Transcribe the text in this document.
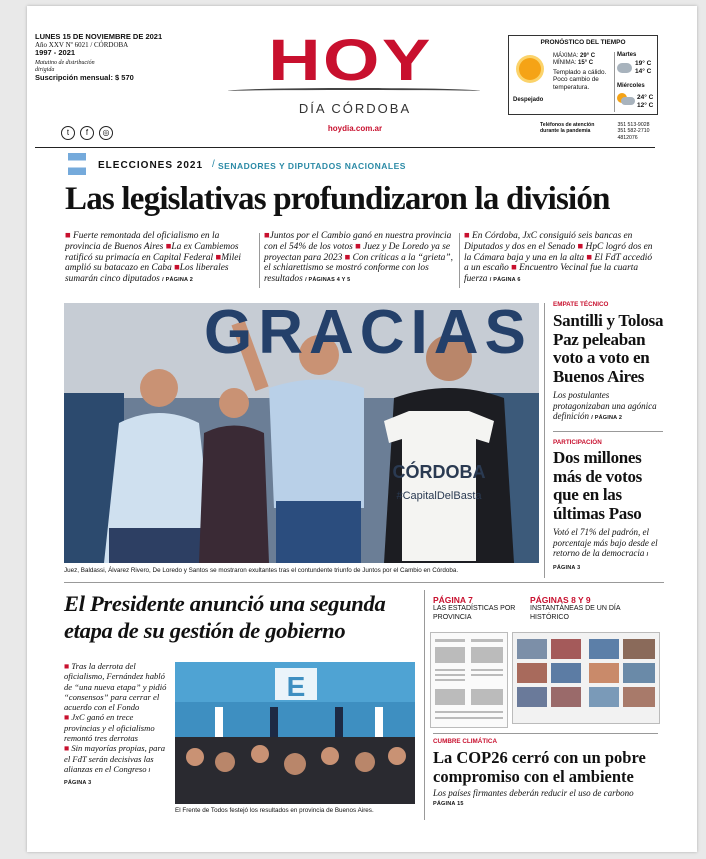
LUNES 15 DE NOVIEMBRE DE 2021
Año XXV Nº 6021 / CÓRDOBA
1997 - 2021
Matutino de distribución dirigida
Suscripción mensual: $ 570
t	f	◎
HOY
DÍA CÓRDOBA
hoydia.com.ar
PRONÓSTICO DEL TIEMPO
Despejado
MÁXIMA: 29° C
MÍNIMA: 15° C
Templado a cálido. Poco cambio de temperatura.
Martes
19° C
14° C
Miércoles
24° C
12° C
Teléfonos de atención durante la pandemia 351 513-9028
351 582-2710
4812076
ELECCIONES 2021 / SENADORES Y DIPUTADOS NACIONALES
Las legislativas profundizaron la división
■ Fuerte remontada del oficialismo en la provincia de Buenos Aires ■La ex Cambiemos ratificó su primacía en Capital Federal ■Milei amplió su batacazo en Caba ■Los liberales sumarán cinco diputados / PÁGINA 2
■Juntos por el Cambio ganó en nuestra provincia con el 54% de los votos ■ Juez y De Loredo ya se proyectan para 2023 ■ Con críticas a la “grieta”, el schiarettismo se mostró conforme con los resultados / PÁGINAS 4 Y 5
■ En Córdoba, JxC consiguió seis bancas en Diputados y dos en el Senado ■ HpC logró dos en la Cámara baja y una en la alta ■ El FdT accedió a un escaño ■ Encuentro Vecinal fue la cuarta fuerza / PÁGINA 6
CÓRDOBA
#CapitalDelBasta
GRACIAS
Juez, Baldassi, Álvarez Rivero, De Loredo y Santos se mostraron exultantes tras el contundente triunfo de Juntos por el Cambio en Córdoba.
EMPATE TÉCNICO
Santilli y Tolosa Paz peleaban voto a voto en Buenos Aires
Los postulantes protagonizaban una agónica definición / PÁGINA 2
PARTICIPACIÓN
Dos millones más de votos que en las últimas Paso
Votó el 71% del padrón, el porcentaje más bajo desde el retorno de la democracia / PÁGINA 3
El Presidente anunció una segunda etapa de su gestión de gobierno
■ Tras la derrota del oficialismo, Fernández habló de “una nueva etapa” y pidió “consensos” para cerrar el acuerdo con el Fondo
■ JxC ganó en trece provincias y el oficialismo remontó tres derrotas
■ Sin mayorías propias, para el FdT serán decisivas las alianzas en el Congreso / PÁGINA 3
E
El Frente de Todos festejó los resultados en provincia de Buenos Aires.
PÁGINA 7
LAS ESTADÍSTICAS POR PROVINCIA
PÁGINAS 8 Y 9
INSTANTÁNEAS DE UN DÍA HISTÓRICO
CUMBRE CLIMÁTICA
La COP26 cerró con un pobre compromiso con el ambiente
Los países firmantes deberán reducir el uso de carbono
PÁGINA 15
